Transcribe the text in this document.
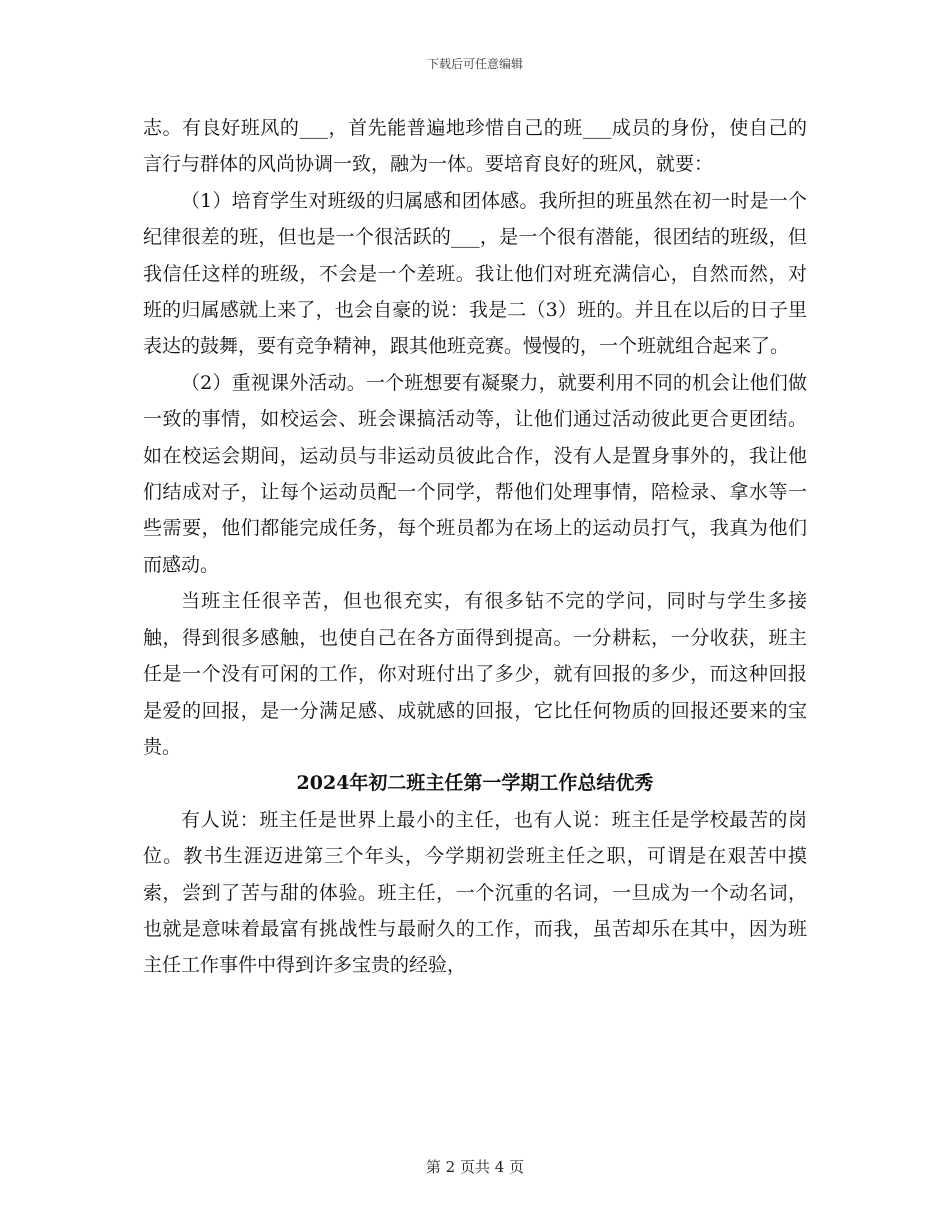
下载后可任意编辑

志。有良好班风的___，首先能普遍地珍惜自己的班___成员的身份，使自己的言行与群体的风尚协调一致，融为一体。要培育良好的班风，就要：

（1）培育学生对班级的归属感和团体感。我所担的班虽然在初一时是一个纪律很差的班，但也是一个很活跃的___，是一个很有潜能，很团结的班级，但我信任这样的班级，不会是一个差班。我让他们对班充满信心，自然而然，对班的归属感就上来了，也会自豪的说：我是二（3）班的。并且在以后的日子里表达的鼓舞，要有竞争精神，跟其他班竞赛。慢慢的，一个班就组合起来了。

（2）重视课外活动。一个班想要有凝聚力，就要利用不同的机会让他们做一致的事情，如校运会、班会课搞活动等，让他们通过活动彼此更合更团结。如在校运会期间，运动员与非运动员彼此合作，没有人是置身事外的，我让他们结成对子，让每个运动员配一个同学，帮他们处理事情，陪检录、拿水等一些需要，他们都能完成任务，每个班员都为在场上的运动员打气，我真为他们而感动。

当班主任很辛苦，但也很充实，有很多钻不完的学问，同时与学生多接触，得到很多感触，也使自己在各方面得到提高。一分耕耘，一分收获，班主任是一个没有可闲的工作，你对班付出了多少，就有回报的多少，而这种回报是爱的回报，是一分满足感、成就感的回报，它比任何物质的回报还要来的宝贵。

2024年初二班主任第一学期工作总结优秀

有人说：班主任是世界上最小的主任，也有人说：班主任是学校最苦的岗位。教书生涯迈进第三个年头，今学期初尝班主任之职，可谓是在艰苦中摸索，尝到了苦与甜的体验。班主任，一个沉重的名词，一旦成为一个动名词，也就是意味着最富有挑战性与最耐久的工作，而我，虽苦却乐在其中，因为班主任工作事件中得到许多宝贵的经验，

第 2 页共 4 页
